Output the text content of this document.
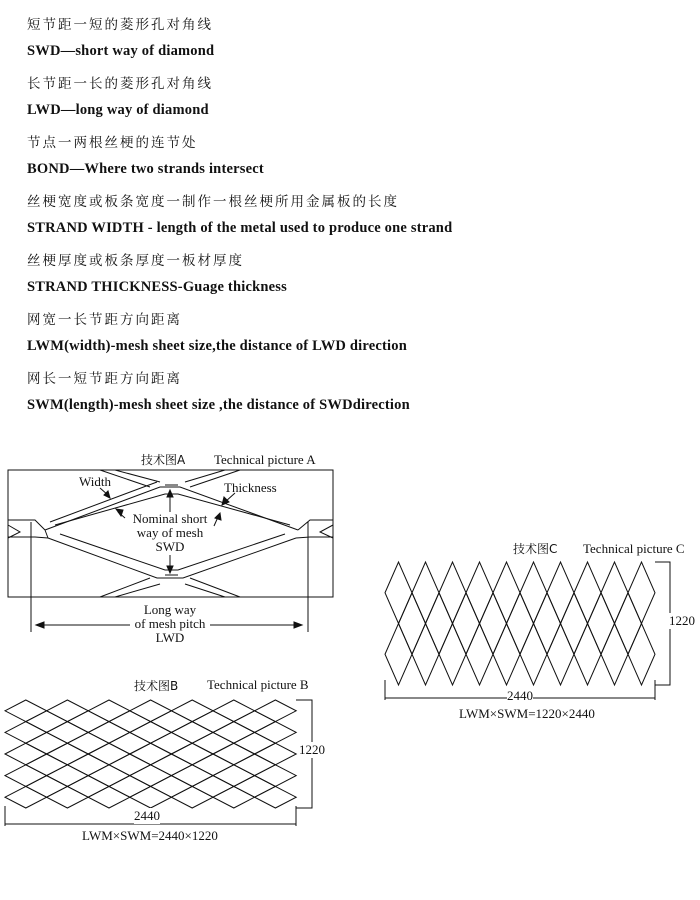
短节距一短的菱形孔对角线
SWD—short way of diamond
长节距一长的菱形孔对角线
LWD—long way of diamond
节点一两根丝梗的连节处
BOND—Where two strands intersect
丝梗宽度或板条宽度一制作一根丝梗所用金属板的长度
STRAND WIDTH - length of the metal used to produce one strand
丝梗厚度或板条厚度一板材厚度
STRAND THICKNESS-Guage thickness
网宽一长节距方向距离
LWM(width)-mesh sheet size,the distance of LWD direction
网长一短节距方向距离
SWM(length)-mesh sheet size ,the distance of SWDdirection
技术图A Technical picture A
Width	Thickness
Nominal short
way of mesh
SWD
Long way
of mesh pitch
LWD
技术图B Technical picture B
1220
2440
LWM×SWM=2440×1220
技术图C Technical picture C
1220
2440
LWM×SWM=1220×2440
